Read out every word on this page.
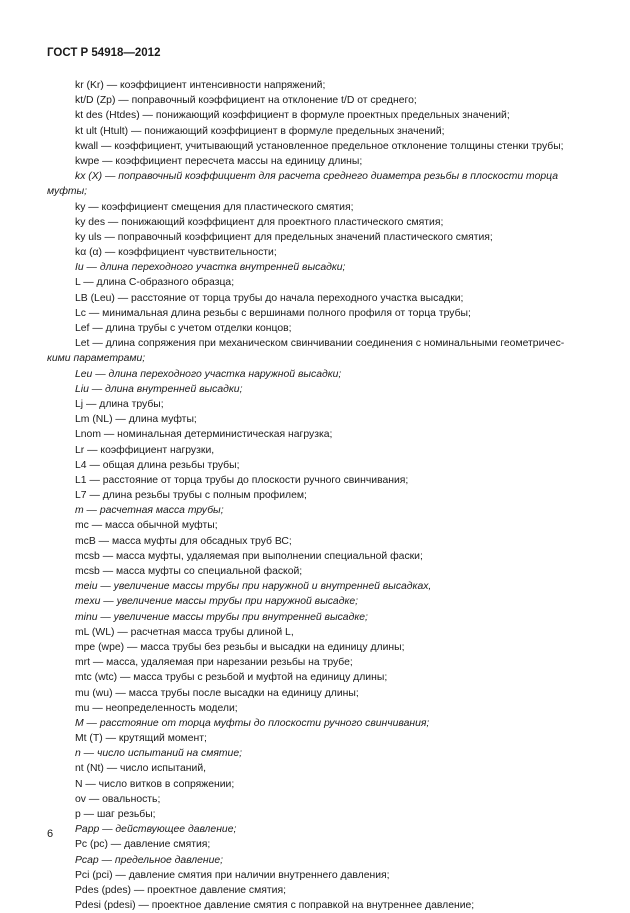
ГОСТ Р 54918—2012
kr (Kr) — коэффициент интенсивности напряжений;
kt/D (Zp) — поправочный коэффициент на отклонение t/D от среднего;
kt des (Htdes) — понижающий коэффициент в формуле проектных предельных значений;
kt ult (Htult) — понижающий коэффициент в формуле предельных значений;
kwall — коэффициент, учитывающий установленное предельное отклонение толщины стенки трубы;
kwpe — коэффициент пересчета массы на единицу длины;
kx (X) — поправочный коэффициент для расчета среднего диаметра резьбы в плоскости торца
муфты;
ky — коэффициент смещения для пластического смятия;
ky des — понижающий коэффициент для проектного пластического смятия;
ky uls — поправочный коэффициент для предельных значений пластического смятия;
kα (α) — коэффициент чувствительности;
Iu — длина переходного участка внутренней высадки;
L — длина С-образного образца;
LB (Leu) — расстояние от торца трубы до начала переходного участка высадки;
Lc — минимальная длина резьбы с вершинами полного профиля от торца трубы;
Lef — длина трубы с учетом отделки концов;
Let — длина сопряжения при механическом свинчивании соединения с номинальными геометричес-
кими параметрами;
Leu — длина переходного участка наружной высадки;
Liu — длина внутренней высадки;
Lj — длина трубы;
Lm (NL) — длина муфты;
Lnom — номинальная детерминистическая нагрузка;
Lr — коэффициент нагрузки,
L4 — общая длина резьбы трубы;
L1 — расстояние от торца трубы до плоскости ручного свинчивания;
L7 — длина резьбы трубы с полным профилем;
m — расчетная масса трубы;
mc — масса обычной муфты;
mcB — масса муфты для обсадных труб ВС;
mcsb — масса муфты, удаляемая при выполнении специальной фаски;
mcsb — масса муфты со специальной фаской;
meiu — увеличение массы трубы при наружной и внутренней высадках,
mexu — увеличение массы трубы при наружной высадке;
minu — увеличение массы трубы при внутренней высадке;
mL (WL) — расчетная масса трубы длиной L,
mpe (wpe) — масса трубы без резьбы и высадки на единицу длины;
mrt — масса, удаляемая при нарезании резьбы на трубе;
mtc (wtc) — масса трубы с резьбой и муфтой на единицу длины;
mu (wu) — масса трубы после высадки на единицу длины;
mu — неопределенность модели;
M — расстояние от торца муфты до плоскости ручного свинчивания;
Mt (T) — крутящий момент;
n — число испытаний на смятие;
nt (Nt) — число испытаний,
N — число витков в сопряжении;
ov — овальность;
p — шаг резьбы;
Papp — действующее давление;
Pc (pc) — давление смятия;
Pcap — предельное давление;
Pci (pci) — давление смятия при наличии внутреннего давления;
Pdes (pdes) — проектное давление смятия;
Pdesi (pdesi) — проектное давление смятия с поправкой на внутреннее давление;
6
